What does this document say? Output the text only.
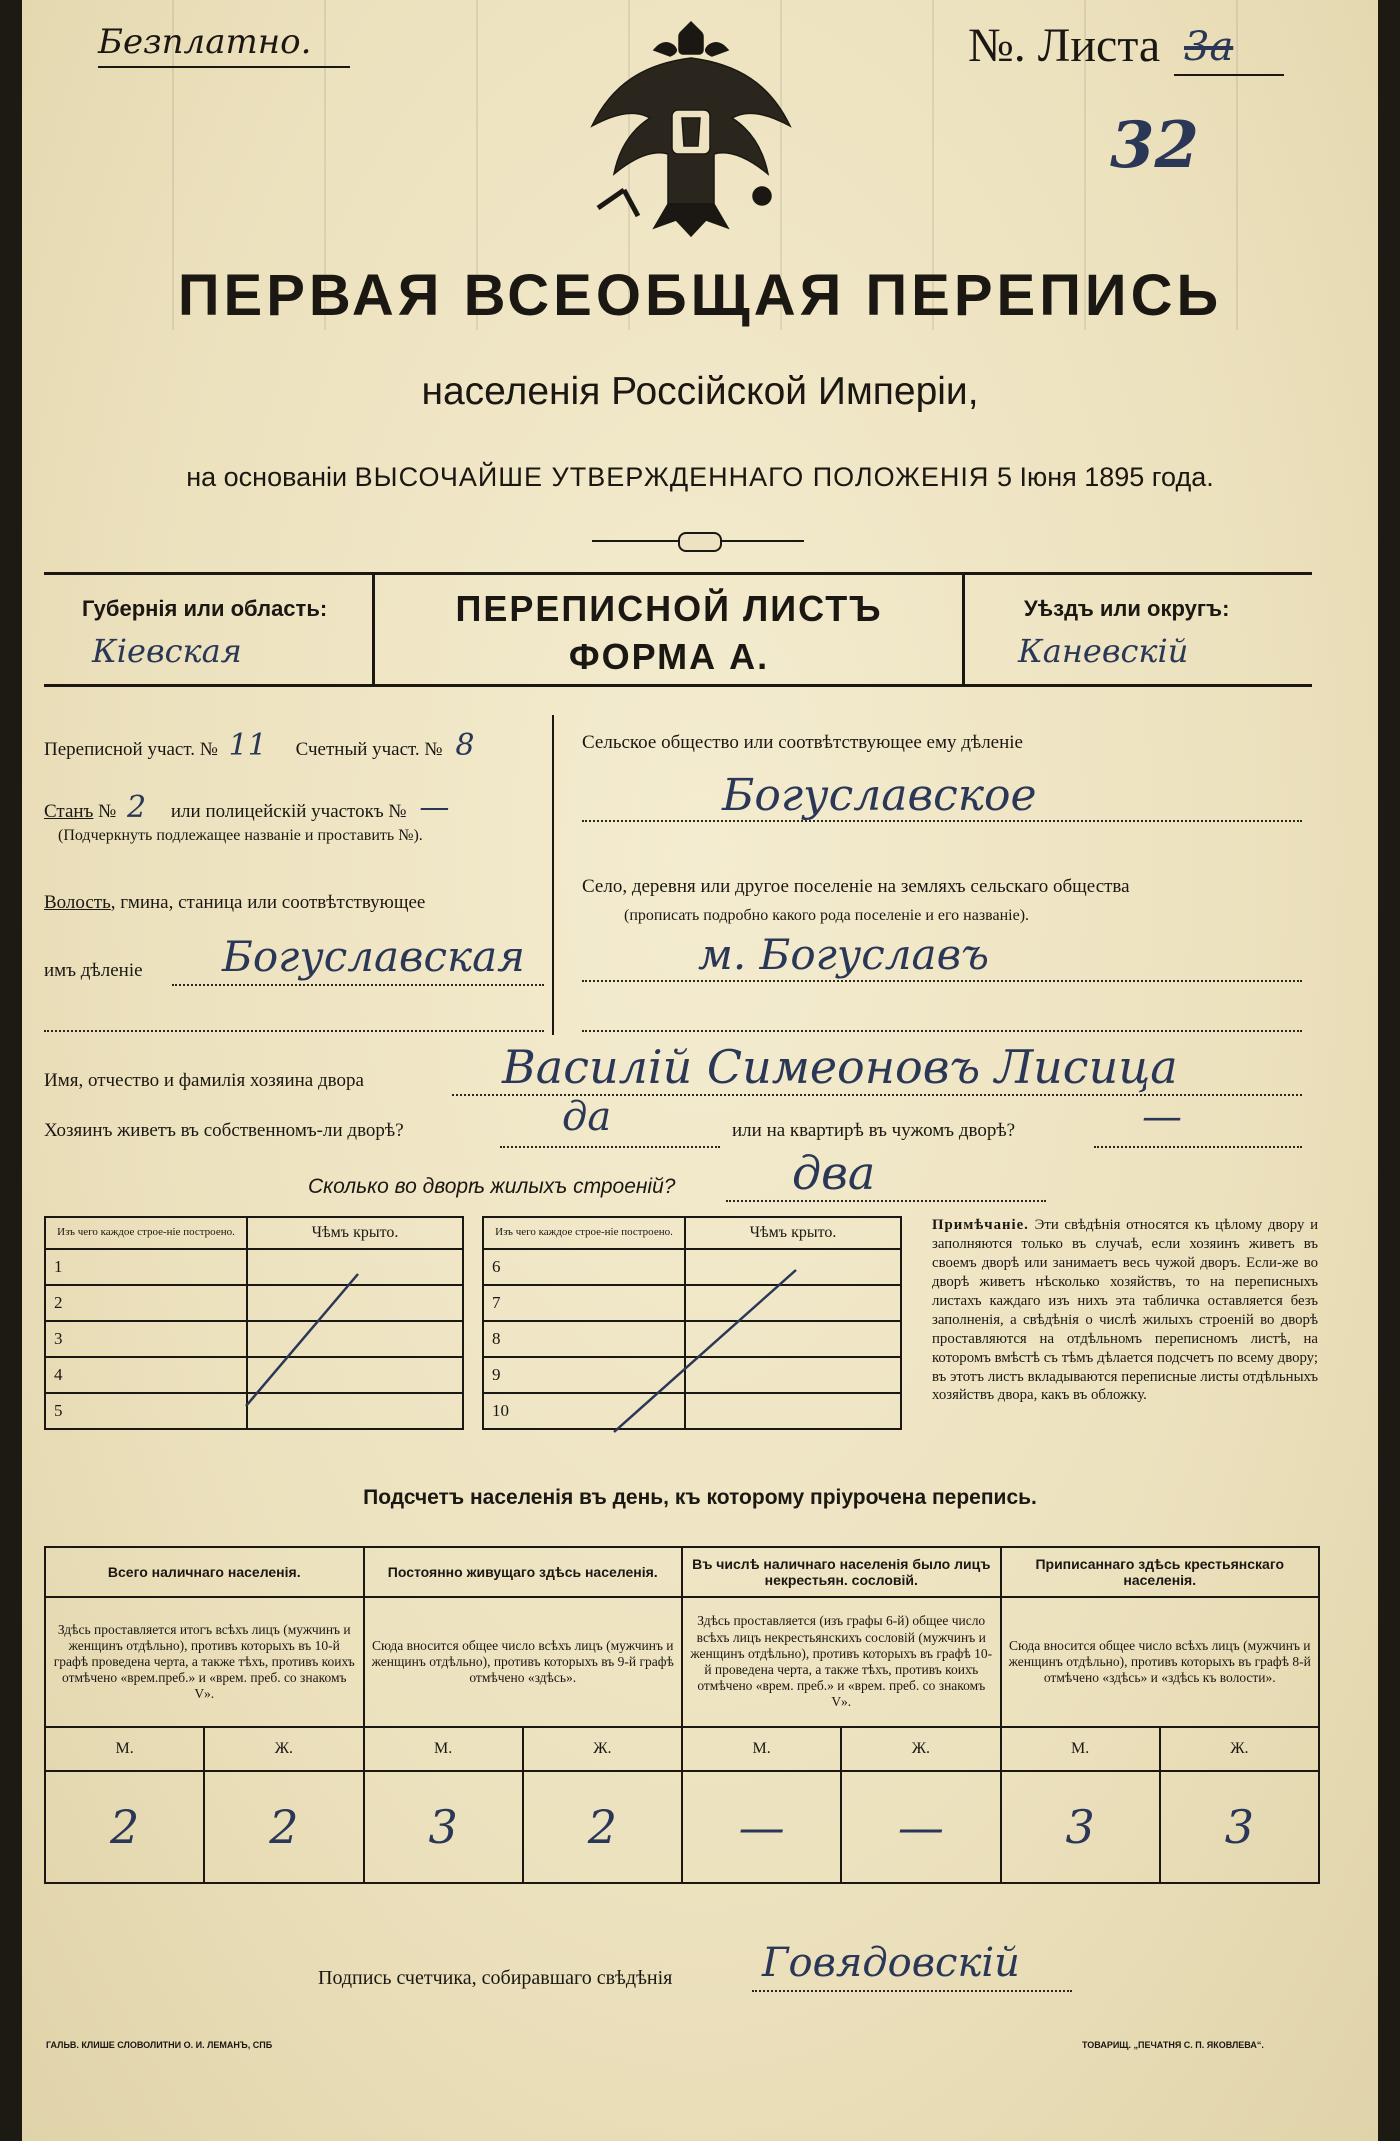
Безплатно.	№. Листа 3а
32
ПЕРВАЯ ВСЕОБЩАЯ ПЕРЕПИСЬ
населенія Россійской Имперіи,
на основаніи ВЫСОЧАЙШЕ УТВЕРЖДЕННАГО ПОЛОЖЕНІЯ 5 Іюня 1895 года.
Губернія или область:
Кіевская
ПЕРЕПИСНОЙ ЛИСТЪ
ФОРМА А.
Уѣздъ или округъ:
Каневскій
Переписной участ. № 11 Счетный участ. № 8
Станъ № 2 или полицейскій участокъ № —
(Подчеркнуть подлежащее названіе и проставить №).
Волость, гмина, станица или соотвѣтствующее
имъ дѣленіе Богуславская
Сельское общество или соотвѣтствующее ему дѣленіе
Богуславское
Село, деревня или другое поселеніе на земляхъ сельскаго общества
(прописать подробно какого рода поселеніе и его названіе).
м. Богуславъ
Имя, отчество и фамилія хозяина двора	Василій Симеоновъ Лисица
Хозяинъ живетъ въ собственномъ-ли дворѣ?	да	или на квартирѣ въ чужомъ дворѣ?	—
Сколько во дворѣ жилыхъ строеній?	два
Изъ чего каждое строе-ніе построено.	Чѣмъ крыто.
1	
2	
3	
4	
5	
Изъ чего каждое строе-ніе построено.	Чѣмъ крыто.
6	
7	
8	
9	
10	
Примѣчаніе. Эти свѣдѣнія относятся къ цѣлому двору и заполняются только въ случаѣ, если хозяинъ живетъ въ своемъ дворѣ или занимаетъ весь чужой дворъ. Если-же во дворѣ живетъ нѣсколько хозяйствъ, то на переписныхъ листахъ каждаго изъ нихъ эта табличка оставляется безъ заполненія, а свѣдѣнія о числѣ жилыхъ строеній во дворѣ проставляются на отдѣльномъ переписномъ листѣ, на которомъ вмѣстѣ съ тѣмъ дѣлается подсчетъ по всему двору; въ этотъ листъ вкладываются переписные листы отдѣльныхъ хозяйствъ двора, какъ въ обложку.
Подсчетъ населенія въ день, къ которому пріурочена перепись.
Всего наличнаго населенія.		Постоянно живущаго здѣсь населенія.		Въ числѣ наличнаго населенія было лицъ некрестьян. сословій.		Приписаннаго здѣсь крестьянскаго населенія.	
Здѣсь проставляется итогъ всѣхъ лицъ (мужчинъ и женщинъ отдѣльно), противъ которыхъ въ 10-й графѣ проведена черта, а также тѣхъ, противъ коихъ отмѣчено «врем.преб.» и «врем. преб. со знакомъ V».		Сюда вносится общее число всѣхъ лицъ (мужчинъ и женщинъ отдѣльно), противъ которыхъ въ 9-й графѣ отмѣчено «здѣсь».		Здѣсь проставляется (изъ графы 6-й) общее число всѣхъ лицъ некрестьянскихъ сословій (мужчинъ и женщинъ отдѣльно), противъ которыхъ въ графѣ 10-й проведена черта, а также тѣхъ, противъ коихъ отмѣчено «врем. преб.» и «врем. преб. со знакомъ V».		Сюда вносится общее число всѣхъ лицъ (мужчинъ и женщинъ отдѣльно), противъ которыхъ въ графѣ 8-й отмѣчено «здѣсь» и «здѣсь къ волости».	
М.	Ж.	М.	Ж.	М.	Ж.	М.	Ж.
2	2	3	2	—	—	3	3
Подпись счетчика, собиравшаго свѣдѣнія Говядовскій
ГАЛЬВ. КЛИШЕ СЛОВОЛИТНИ О. И. ЛЕМАНЪ, СПБ	ТОВАРИЩ. „ПЕЧАТНЯ С. П. ЯКОВЛЕВА“.
